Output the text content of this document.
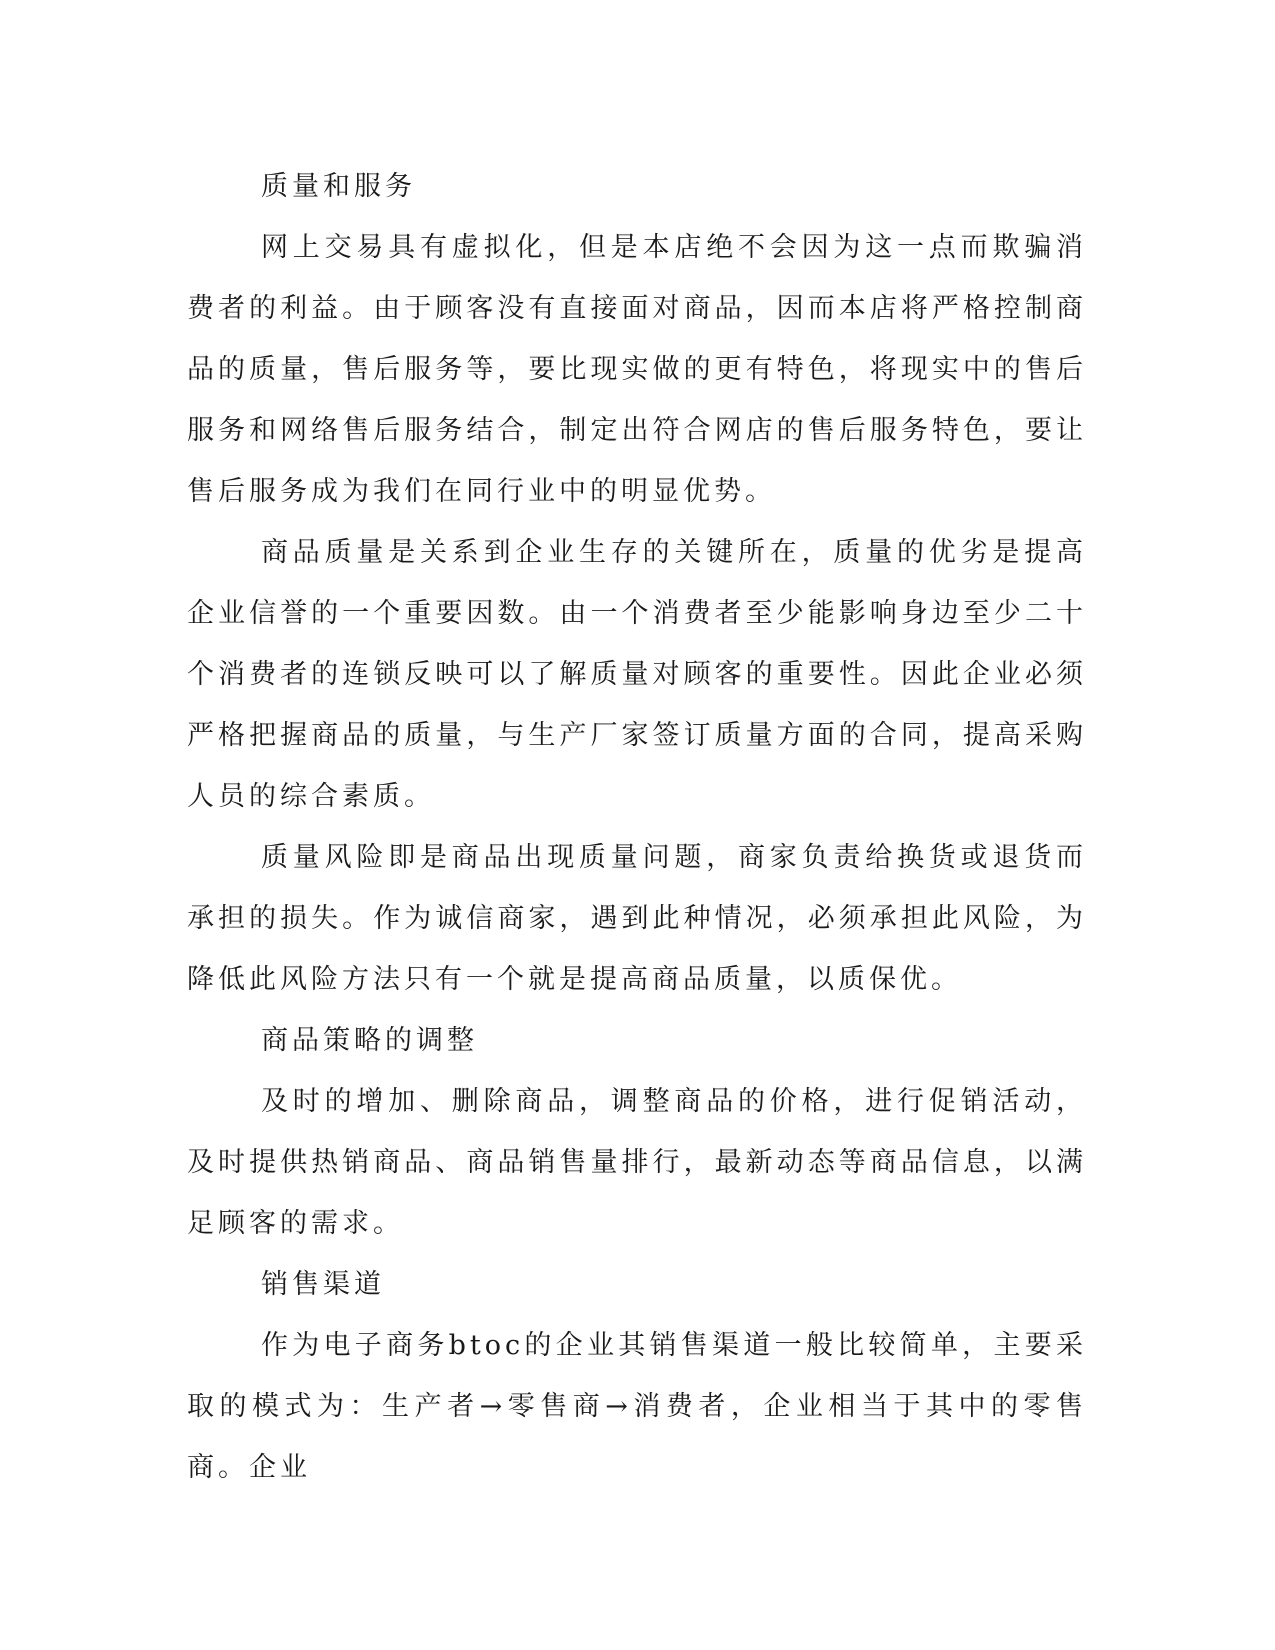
质量和服务

网上交易具有虚拟化，但是本店绝不会因为这一点而欺骗消费者的利益。由于顾客没有直接面对商品，因而本店将严格控制商品的质量，售后服务等，要比现实做的更有特色，将现实中的售后服务和网络售后服务结合，制定出符合网店的售后服务特色，要让售后服务成为我们在同行业中的明显优势。

商品质量是关系到企业生存的关键所在，质量的优劣是提高企业信誉的一个重要因数。由一个消费者至少能影响身边至少二十个消费者的连锁反映可以了解质量对顾客的重要性。因此企业必须严格把握商品的质量，与生产厂家签订质量方面的合同，提高采购人员的综合素质。

质量风险即是商品出现质量问题，商家负责给换货或退货而承担的损失。作为诚信商家，遇到此种情况，必须承担此风险，为降低此风险方法只有一个就是提高商品质量，以质保优。

商品策略的调整

及时的增加、删除商品，调整商品的价格，进行促销活动，及时提供热销商品、商品销售量排行，最新动态等商品信息，以满足顾客的需求。

销售渠道

作为电子商务btoc的企业其销售渠道一般比较简单，主要采取的模式为：生产者→零售商→消费者，企业相当于其中的零售商。企业
